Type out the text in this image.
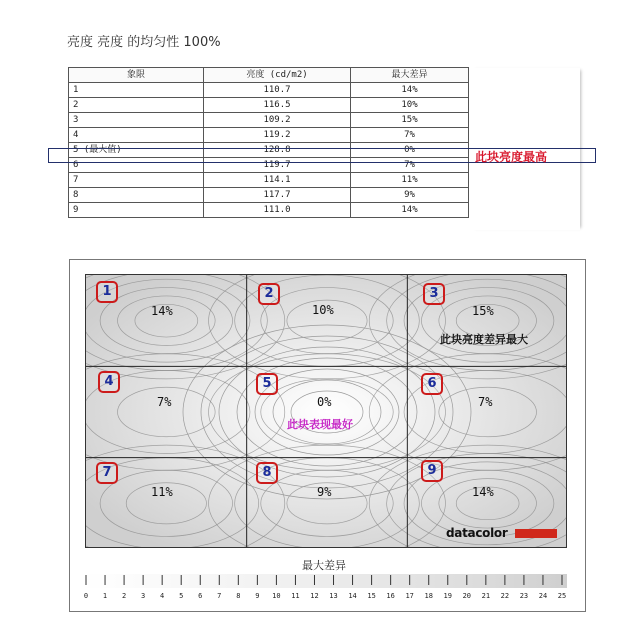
亮度 亮度 的均匀性 100%
象限	亮度 (cd/m2)	最大差异
1	110.7	14%
2	116.5	10%
3	109.2	15%
4	119.2	7%
5 (最大值)	128.8	0%
6	119.7	7%
7	114.1	11%
8	117.7	9%
9	111.0	14%
此块亮度最高
1	2	3
4	5	6
7	8	9
14%	10%	15%
7%	0%	7%
11%	9%	14%
此块表现最好
此块亮度差异最大
datacolor
最大差异
0 1 2 3 4 5 6 7 8 9 10 11 12 13 14 15 16 17 18 19 20 21 22 23 24 25
